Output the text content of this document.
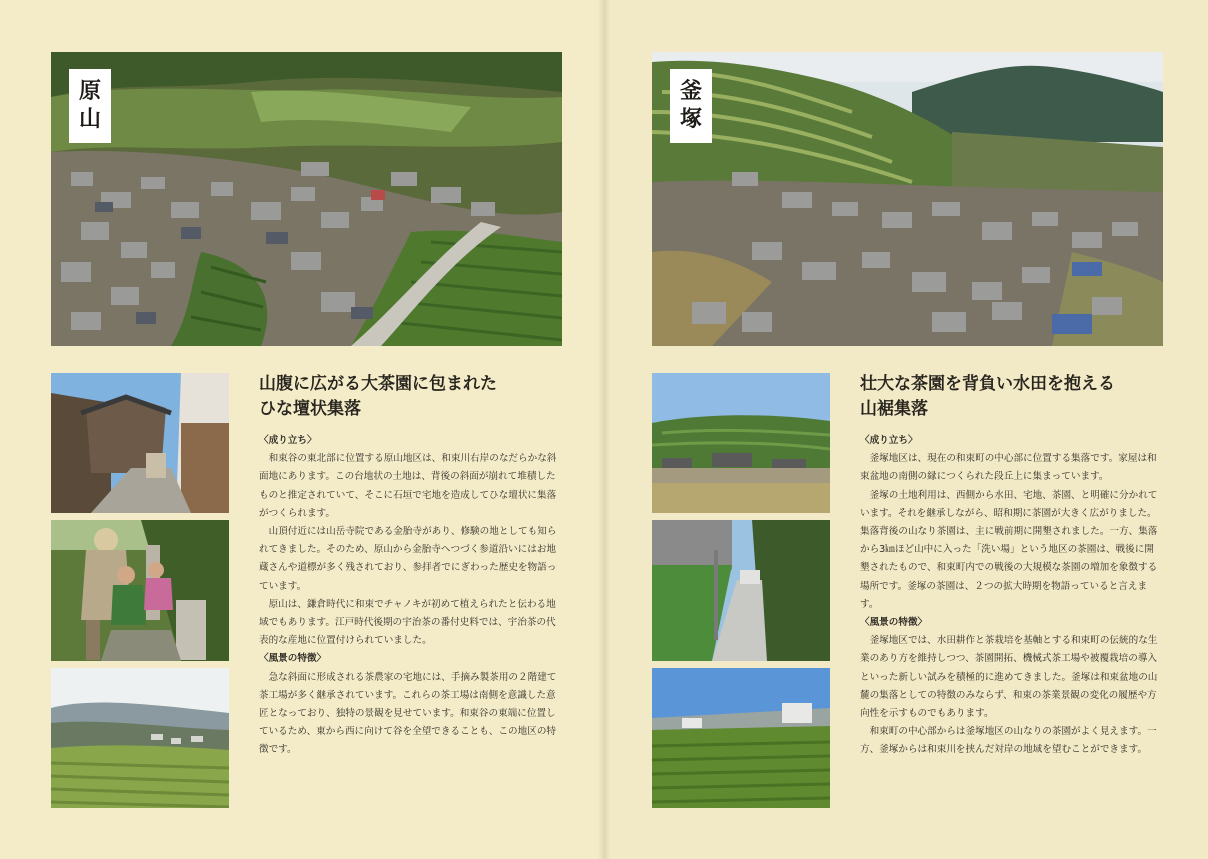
原
山
山腹に広がる大茶園に包まれた
ひな壇状集落
〈成り立ち〉

和束谷の東北部に位置する原山地区は、和束川右岸のなだらかな斜面地にあります。この台地状の土地は、背後の斜面が崩れて堆積したものと推定されていて、そこに石垣で宅地を造成してひな壇状に集落がつくられます。

山頂付近には山岳寺院である金胎寺があり、修験の地としても知られてきました。そのため、原山から金胎寺へつづく参道沿いにはお地蔵さんや道標が多く残されており、参拝者でにぎわった歴史を物語っています。

原山は、鎌倉時代に和束でチャノキが初めて植えられたと伝わる地域でもあります。江戸時代後期の宇治茶の番付史料では、宇治茶の代表的な産地に位置付けられていました。

〈風景の特徴〉

急な斜面に形成される茶農家の宅地には、手摘み製茶用の２階建て茶工場が多く継承されています。これらの茶工場は南側を意識した意匠となっており、独特の景観を見せています。和束谷の東端に位置しているため、東から西に向けて谷を全望できることも、この地区の特徴です。

釜
塚
壮大な茶園を背負い水田を抱える
山裾集落
〈成り立ち〉

釜塚地区は、現在の和束町の中心部に位置する集落です。家屋は和束盆地の南側の縁につくられた段丘上に集まっています。

釜塚の土地利用は、西側から水田、宅地、茶園、と明確に分かれています。それを継承しながら、昭和期に茶園が大きく広がりました。集落背後の山なり茶園は、主に戦前期に開墾されました。一方、集落から3㎞ほど山中に入った「洗い場」という地区の茶園は、戦後に開墾されたもので、和束町内での戦後の大規模な茶園の増加を象徴する場所です。釜塚の茶園は、２つの拡大時期を物語っていると言えます。

〈風景の特徴〉

釜塚地区では、水田耕作と茶栽培を基軸とする和束町の伝統的な生業のあり方を維持しつつ、茶園開拓、機械式茶工場や被覆栽培の導入といった新しい試みを積極的に進めてきました。釜塚は和束盆地の山麓の集落としての特徴のみならず、和束の茶業景観の変化の履歴や方向性を示すものでもあります。

和束町の中心部からは釜塚地区の山なりの茶園がよく見えます。一方、釜塚からは和束川を挟んだ対岸の地域を望むことができます。
